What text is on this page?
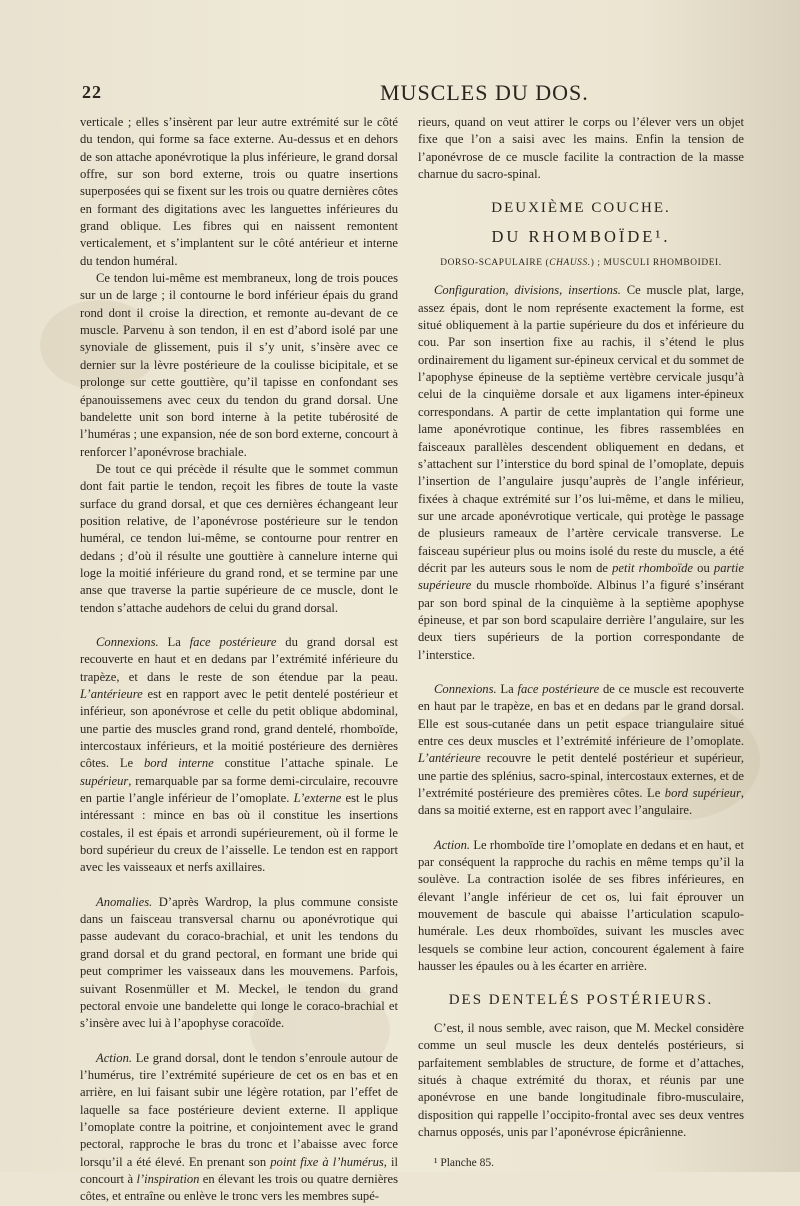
22	MUSCLES DU DOS.

verticale ; elles s’insèrent par leur autre extrémité sur le côté du tendon, qui forme sa face externe. Au-dessus et en dehors de son attache aponévrotique la plus inférieure, le grand dorsal offre, sur son bord externe, trois ou quatre insertions superposées qui se fixent sur les trois ou quatre dernières côtes en formant des digitations avec les languettes inférieures du grand oblique. Les fibres qui en naissent remontent verticalement, et s’implantent sur le côté antérieur et interne du tendon huméral.

Ce tendon lui-même est membraneux, long de trois pouces sur un de large ; il contourne le bord inférieur épais du grand rond dont il croise la direction, et remonte au-devant de ce muscle. Parvenu à son tendon, il en est d’abord isolé par une synoviale de glissement, puis il s’y unit, s’insère avec ce dernier sur la lèvre postérieure de la coulisse bicipitale, et se prolonge sur cette gouttière, qu’il tapisse en confondant ses épanouissemens avec ceux du tendon du grand dorsal. Une bandelette unit son bord interne à la petite tubérosité de l’huméras ; une expansion, née de son bord externe, concourt à renforcer l’aponévrose brachiale.

De tout ce qui précède il résulte que le sommet commun dont fait partie le tendon, reçoit les fibres de toute la vaste surface du grand dorsal, et que ces dernières échangeant leur position relative, de l’aponévrose postérieure sur le tendon huméral, ce tendon lui-même, se contourne pour rentrer en dedans ; d’où il résulte une gouttière à cannelure interne qui loge la moitié inférieure du grand rond, et se termine par une anse que traverse la partie supérieure de ce muscle, dont le tendon s’attache audehors de celui du grand dorsal.

Connexions. La face postérieure du grand dorsal est recouverte en haut et en dedans par l’extrémité inférieure du trapèze, et dans le reste de son étendue par la peau. L’antérieure est en rapport avec le petit dentelé postérieur et inférieur, son aponévrose et celle du petit oblique abdominal, une partie des muscles grand rond, grand dentelé, rhomboïde, intercostaux inférieurs, et la moitié postérieure des dernières côtes. Le bord interne constitue l’attache spinale. Le supérieur, remarquable par sa forme demi-circulaire, recouvre en partie l’angle inférieur de l’omoplate. L’externe est le plus intéressant : mince en bas où il constitue les insertions costales, il est épais et arrondi supérieurement, où il forme le bord supérieur du creux de l’aisselle. Le tendon est en rapport avec les vaisseaux et nerfs axillaires.

Anomalies. D’après Wardrop, la plus commune consiste dans un faisceau transversal charnu ou aponévrotique qui passe audevant du coraco-brachial, et unit les tendons du grand dorsal et du grand pectoral, en formant une bride qui peut comprimer les vaisseaux dans les mouvemens. Parfois, suivant Rosenmüller et M. Meckel, le tendon du grand pectoral envoie une bandelette qui longe le coraco-brachial et s’insère avec lui à l’apophyse coracoïde.

Action. Le grand dorsal, dont le tendon s’enroule autour de l’humérus, tire l’extrémité supérieure de cet os en bas et en arrière, en lui faisant subir une légère rotation, par l’effet de laquelle sa face postérieure devient externe. Il applique l’omoplate contre la poitrine, et conjointement avec le grand pectoral, rapproche le bras du tronc et l’abaisse avec force lorsqu’il a été élevé. En prenant son point fixe à l’humérus, il concourt à l’inspiration en élevant les trois ou quatre dernières côtes, et entraîne ou enlève le tronc vers les membres supé-

rieurs, quand on veut attirer le corps ou l’élever vers un objet fixe que l’on a saisi avec les mains. Enfin la tension de l’aponévrose de ce muscle facilite la contraction de la masse charnue du sacro-spinal.

DEUXIÈME COUCHE.

DU RHOMBOÏDE¹.

DORSO-SCAPULAIRE (CHAUSS.) ; MUSCULI RHOMBOIDEI.

Configuration, divisions, insertions. Ce muscle plat, large, assez épais, dont le nom représente exactement la forme, est situé obliquement à la partie supérieure du dos et inférieure du cou. Par son insertion fixe au rachis, il s’étend le plus ordinairement du ligament sur-épineux cervical et du sommet de l’apophyse épineuse de la septième vertèbre cervicale jusqu’à celui de la cinquième dorsale et aux ligamens inter-épineux correspondans. A partir de cette implantation qui forme une lame aponévrotique continue, les fibres rassemblées en faisceaux parallèles descendent obliquement en dedans, et s’attachent sur l’interstice du bord spinal de l’omoplate, depuis l’insertion de l’angulaire jusqu’auprès de l’angle inférieur, fixées à chaque extrémité sur l’os lui-même, et dans le milieu, sur une arcade aponévrotique verticale, qui protège le passage de plusieurs rameaux de l’artère cervicale transverse. Le faisceau supérieur plus ou moins isolé du reste du muscle, a été décrit par les auteurs sous le nom de petit rhomboïde ou partie supérieure du muscle rhomboïde. Albinus l’a figuré s’insérant par son bord spinal de la cinquième à la septième apophyse épineuse, et par son bord scapulaire derrière l’angulaire, sur les deux tiers supérieurs de la portion correspondante de l’interstice.

Connexions. La face postérieure de ce muscle est recouverte en haut par le trapèze, en bas et en dedans par le grand dorsal. Elle est sous-cutanée dans un petit espace triangulaire situé entre ces deux muscles et l’extrémité inférieure de l’omoplate. L’antérieure recouvre le petit dentelé postérieur et supérieur, une partie des splénius, sacro-spinal, intercostaux externes, et de l’extrémité postérieure des premières côtes. Le bord supérieur, dans sa moitié externe, est en rapport avec l’angulaire.

Action. Le rhomboïde tire l’omoplate en dedans et en haut, et par conséquent la rapproche du rachis en même temps qu’il la soulève. La contraction isolée de ses fibres inférieures, en élevant l’angle inférieur de cet os, lui fait éprouver un mouvement de bascule qui abaisse l’articulation scapulo-humérale. Les deux rhomboïdes, suivant les muscles avec lesquels se combine leur action, concourent également à faire hausser les épaules ou à les écarter en arrière.

DES DENTELÉS POSTÉRIEURS.

C’est, il nous semble, avec raison, que M. Meckel considère comme un seul muscle les deux dentelés postérieurs, si parfaitement semblables de structure, de forme et d’attaches, situés à chaque extrémité du thorax, et réunis par une aponévrose en une bande longitudinale fibro-musculaire, disposition qui rappelle l’occipito-frontal avec ses deux ventres charnus opposés, unis par l’aponévrose épicrânienne.

¹ Planche 85.
